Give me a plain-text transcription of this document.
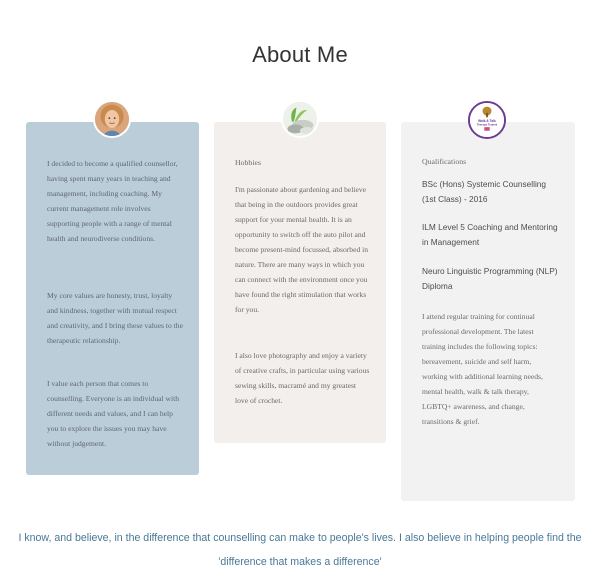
About Me

I decided to become a qualified counsellor, having spent many years in teaching and management, including coaching. My current management role involves supporting people with a range of mental health and neurodiverse conditions.

My core values are honesty, trust, loyalty and kindness, together with mutual respect and creativity, and I bring these values to the therapeutic relationship.

I value each person that comes to counselling. Everyone is an individual with different needs and values, and I can help you to explore the issues you may have without judgement.

Hobbies

I'm passionate about gardening and believe that being in the outdoors provides great support for your mental health. It is an opportunity to switch off the auto pilot and become present-mind focussed, absorbed in nature. There are many ways in which you can connect with the environment once you have found the right stimulation that works for you.

I also love photography and enjoy a variety of creative crafts, in particular using various sewing skills, macramé and my greatest love of crochet.

Qualifications

BSc (Hons) Systemic Counselling (1st Class) - 2016

ILM Level 5 Coaching and Mentoring in Management

Neuro Linguistic Programming (NLP) Diploma

I attend regular training for continual professional development. The latest training includes the following topics: bereavement, suicide and self harm, working with additional learning needs, mental health, walk & talk therapy, LGBTQ+ awareness, and change, transitions & grief.

Walk & Talk
Therapy Trained
I know, and believe, in the difference that counselling can make to people's lives. I also believe in helping people find the 'difference that makes a difference'
